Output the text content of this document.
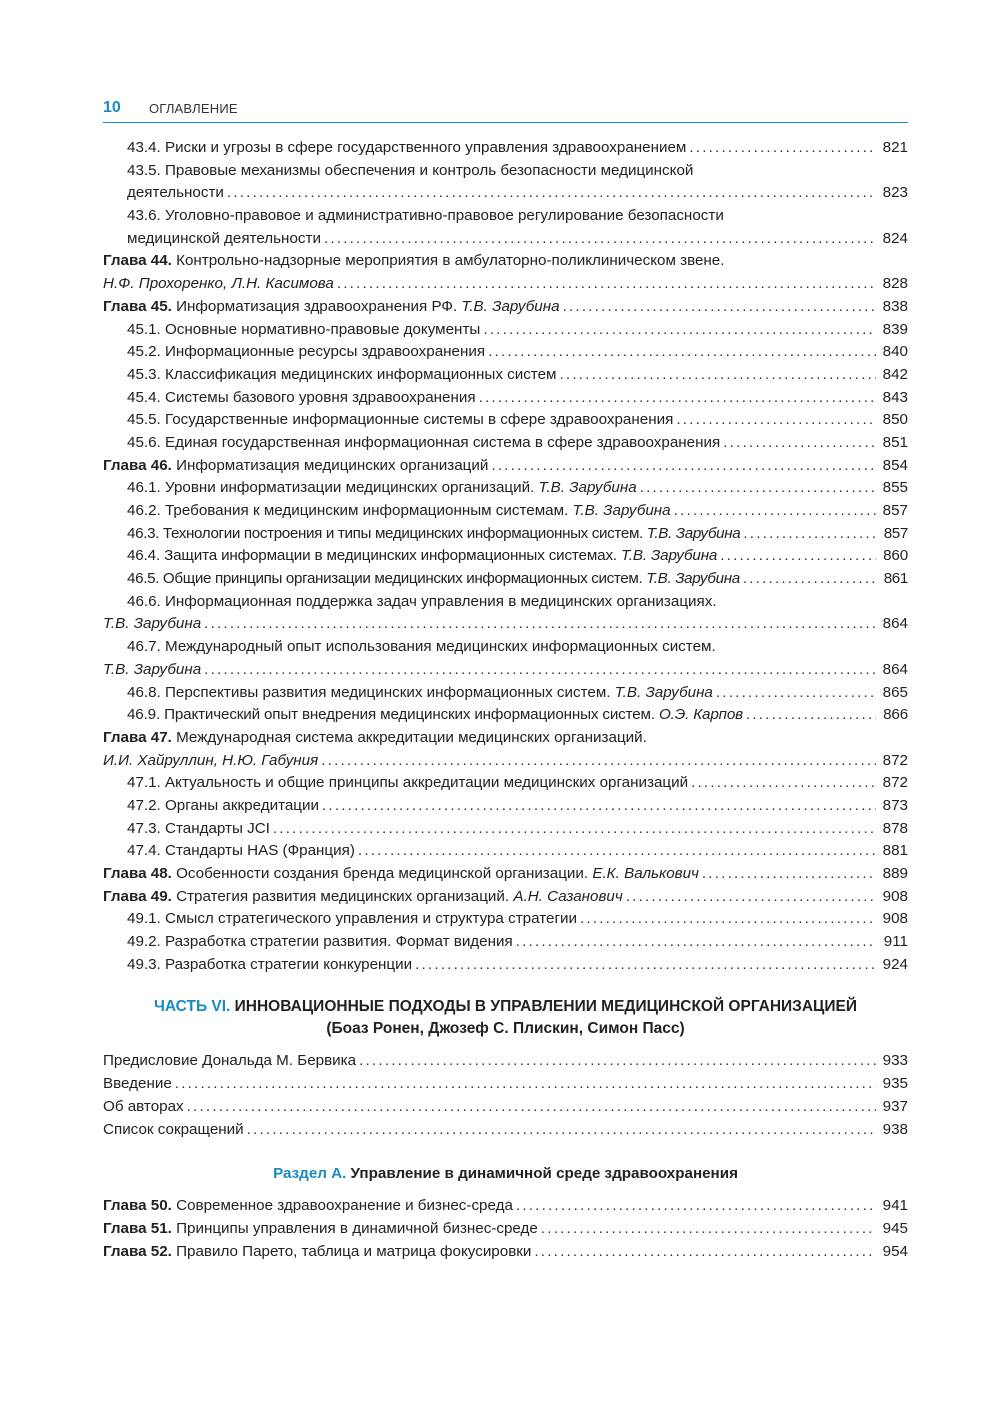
10 ОГЛАВЛЕНИЕ
43.4. Риски и угрозы в сфере государственного управления здравоохранением .....	821
43.5. Правовые механизмы обеспечения и контроль безопасности медицинской
деятельности .....	823
43.6. Уголовно-правовое и административно-правовое регулирование безопасности
медицинской деятельности .....	824
Глава 44. Контрольно-надзорные мероприятия в амбулаторно-поликлиническом звене.
Н.Ф. Прохоренко, Л.Н. Касимова .....	828
Глава 45. Информатизация здравоохранения РФ. Т.В. Зарубина .....	838
45.1. Основные нормативно-правовые документы .....	839
45.2. Информационные ресурсы здравоохранения .....	840
45.3. Классификация медицинских информационных систем .....	842
45.4. Системы базового уровня здравоохранения .....	843
45.5. Государственные информационные системы в сфере здравоохранения .....	850
45.6. Единая государственная информационная система в сфере здравоохранения .....	851
Глава 46. Информатизация медицинских организаций .....	854
46.1. Уровни информатизации медицинских организаций. Т.В. Зарубина .....	855
46.2. Требования к медицинским информационным системам. Т.В. Зарубина .....	857
46.3. Технологии построения и типы медицинских информационных систем. Т.В. Зарубина .....	857
46.4. Защита информации в медицинских информационных системах. Т.В. Зарубина .....	860
46.5. Общие принципы организации медицинских информационных систем. Т.В. Зарубина .....	861
46.6. Информационная поддержка задач управления в медицинских организациях.
Т.В. Зарубина .....	864
46.7. Международный опыт использования медицинских информационных систем.
Т.В. Зарубина .....	864
46.8. Перспективы развития медицинских информационных систем. Т.В. Зарубина .....	865
46.9. Практический опыт внедрения медицинских информационных систем. О.Э. Карпов .....	866
Глава 47. Международная система аккредитации медицинских организаций.
И.И. Хайруллин, Н.Ю. Габуния .....	872
47.1. Актуальность и общие принципы аккредитации медицинских организаций .....	872
47.2. Органы аккредитации .....	873
47.3. Стандарты JCI .....	878
47.4. Стандарты HAS (Франция) .....	881
Глава 48. Особенности создания бренда медицинской организации. Е.К. Валькович .....	889
Глава 49. Стратегия развития медицинских организаций. А.Н. Сазанович .....	908
49.1. Смысл стратегического управления и структура стратегии .....	908
49.2. Разработка стратегии развития. Формат видения .....	911
49.3. Разработка стратегии конкуренции .....	924
ЧАСТЬ VI. ИННОВАЦИОННЫЕ ПОДХОДЫ В УПРАВЛЕНИИ МЕДИЦИНСКОЙ ОРГАНИЗАЦИЕЙ
(Боаз Ронен, Джозеф С. Плискин, Симон Пасс)
Предисловие Дональда М. Бервика .....	933
Введение .....	935
Об авторах .....	937
Список сокращений .....	938
Раздел А. Управление в динамичной среде здравоохранения
Глава 50. Современное здравоохранение и бизнес-среда .....	941
Глава 51. Принципы управления в динамичной бизнес-среде .....	945
Глава 52. Правило Парето, таблица и матрица фокусировки .....	954
